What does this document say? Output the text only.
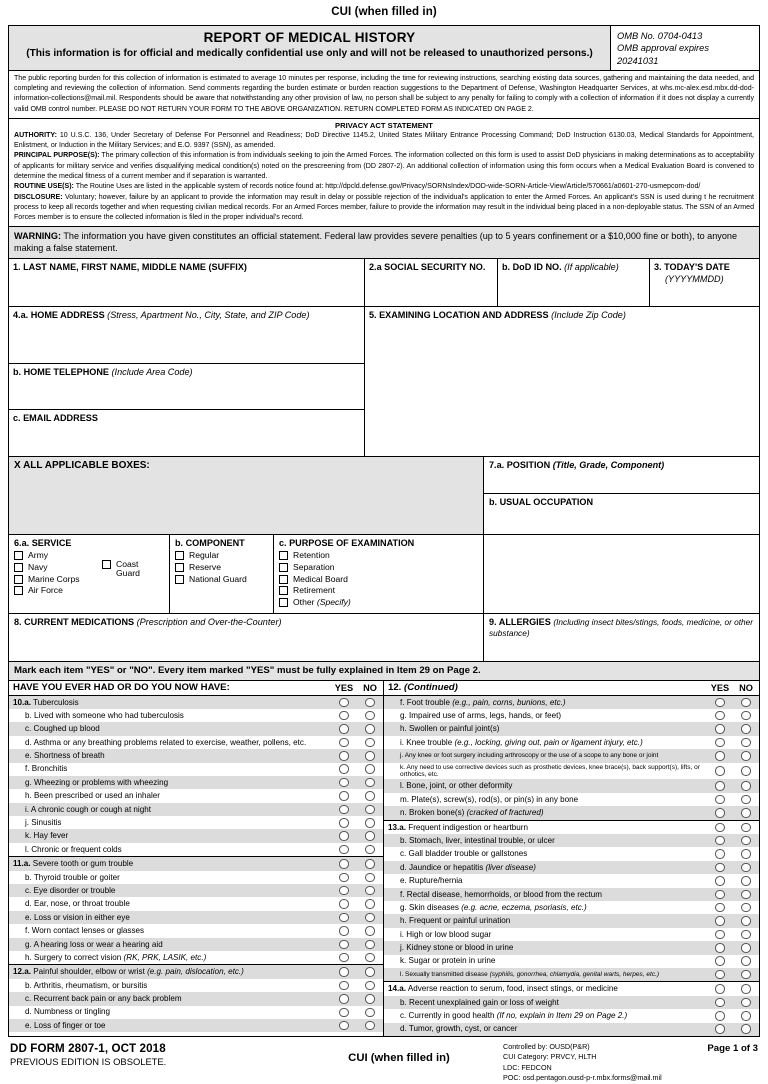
CUI (when filled in)
REPORT OF MEDICAL HISTORY
(This information is for official and medically confidential use only and will not be released to unauthorized persons.)
OMB No. 0704-0413
OMB approval expires
20241031
The public reporting burden for this collection of information is estimated to average 10 minutes per response, including the time for reviewing instructions, searching existing data sources, gathering and maintaining the data needed, and completing and reviewing the collection of information. Send comments regarding the burden estimate or burden reaction suggestions to the Department of Defense, Washington Headquarter Services, at whs.mc-alex.esd.mbx.dd-dod-information-collections@mail.mil. Respondents should be aware that notwithstanding any other provision of law, no person shall be subject to any penalty for failing to comply with a collection of information if it does not display a currently valid OMB control number. PLEASE DO NOT RETURN YOUR FORM TO THE ABOVE ORGANIZATION. RETURN COMPLETED FORM AS INDICATED ON PAGE 2.
PRIVACY ACT STATEMENT

AUTHORITY: 10 U.S.C. 136, Under Secretary of Defense For Personnel and Readiness; DoD Directive 1145.2, United States Military Entrance Processing Command; DoD Instruction 6130.03, Medical Standards for Appointment, Enlistment, or Induction in the Military Services; and E.O. 9397 (SSN), as amended.

PRINCIPAL PURPOSE(S): The primary collection of this information is from individuals seeking to join the Armed Forces. The information collected on this form is used to assist DoD physicians in making determinations as to acceptability of applicants for military service and verifies disqualifying medical condition(s) noted on the prescreening from (DD 2807-2). An additional collection of information using this form occurs when a Medical Evaluation Board is convened to determine the medical fitness of a current member and if separation is warranted.

ROUTINE USE(S): The Routine Uses are listed in the applicable system of records notice found at: http://dpcld.defense.gov/Privacy/SORNsIndex/DOD-wide-SORN-Article-View/Article/570661/a0601-270-usmepcom-dod/

DISCLOSURE: Voluntary; however, failure by an applicant to provide the information may result in delay or possible rejection of the individual's application to enter the Armed Forces. An applicant's SSN is used during t he recruitment process to keep all records together and when requesting civilian medical records. For an Armed Forces member, failure to provide the information may result in the individual being placed in a non-deployable status. The SSN of an Armed Forces member is to ensure the collected information is filed in the proper individual's record.

WARNING: The information you have given constitutes an official statement. Federal law provides severe penalties (up to 5 years confinement or a $10,000 fine or both), to anyone making a false statement.
1. LAST NAME, FIRST NAME, MIDDLE NAME (SUFFIX)	2.a SOCIAL SECURITY NO.	b. DoD ID NO. (If applicable)	3. TODAY'S DATE
(YYYYMMDD)
4.a. HOME ADDRESS (Stress, Apartment No., City, State, and ZIP Code)
b. HOME TELEPHONE (Include Area Code)
c. EMAIL ADDRESS
5. EXAMINING LOCATION AND ADDRESS (Include Zip Code)
X ALL APPLICABLE BOXES:	7.a. POSITION (Title, Grade, Component)
b. USUAL OCCUPATION
6.a. SERVICE
Army
Navy
Marine Corps
Air Force
Coast Guard
b. COMPONENT
Regular
Reserve
National Guard
c. PURPOSE OF EXAMINATION
Retention
Separation
Medical Board
Retirement
Other (Specify)
8. CURRENT MEDICATIONS (Prescription and Over-the-Counter)	9. ALLERGIES (Including insect bites/stings, foods, medicine, or other substance)
Mark each item "YES" or "NO". Every item marked "YES" must be fully explained in Item 29 on Page 2.
HAVE YOU EVER HAD OR DO YOU NOW HAVE:	YES	NO
10.a. Tuberculosis
b. Lived with someone who had tuberculosis
c. Coughed up blood
d. Asthma or any breathing problems related to exercise, weather, pollens, etc.
e. Shortness of breath
f. Bronchitis
g. Wheezing or problems with wheezing
h. Been prescribed or used an inhaler
i. A chronic cough or cough at night
j. Sinusitis
k. Hay fever
l. Chronic or frequent colds
11.a. Severe tooth or gum trouble
b. Thyroid trouble or goiter
c. Eye disorder or trouble
d. Ear, nose, or throat trouble
e. Loss or vision in either eye
f. Worn contact lenses or glasses
g. A hearing loss or wear a hearing aid
h. Surgery to correct vision (RK, PRK, LASIK, etc.)
12.a. Painful shoulder, elbow or wrist (e.g. pain, dislocation, etc.)
b. Arthritis, rheumatism, or bursitis
c. Recurrent back pain or any back problem
d. Numbness or tingling
e. Loss of finger or toe
12. (Continued)	YES	NO
f. Foot trouble (e.g., pain, corns, bunions, etc.)
g. Impaired use of arms, legs, hands, or feet)
h. Swollen or painful joint(s)
i. Knee trouble (e.g., locking, giving out, pain or ligament injury, etc.)
j. Any knee or foot surgery including arthroscopy or the use of a scope to any bone or joint
k. Any need to use corrective devices such as prosthetic devices, knee brace(s), back support(s), lifts, or orthotics, etc.
l. Bone, joint, or other deformity
m. Plate(s), screw(s), rod(s), or pin(s) in any bone
n. Broken bone(s) (cracked of fractured)
13.a. Frequent indigestion or heartburn
b. Stomach, liver, intestinal trouble, or ulcer
c. Gall bladder trouble or gallstones
d. Jaundice or hepatitis (liver disease)
e. Rupture/hernia
f. Rectal disease, hemorrhoids, or blood from the rectum
g. Skin diseases (e.g. acne, eczema, psoriasis, etc.)
h. Frequent or painful urination
i. High or low blood sugar
j. Kidney stone or blood in urine
k. Sugar or protein in urine
l. Sexually transmitted disease (syphilis, gonorrhea, chlamydia, genital warts, herpes, etc.)
14.a. Adverse reaction to serum, food, insect stings, or medicine
b. Recent unexplained gain or loss of weight
c. Currently in good health (If no, explain in Item 29 on Page 2.)
d. Tumor, growth, cyst, or cancer
DD FORM 2807-1, OCT 2018
PREVIOUS EDITION IS OBSOLETE.	CUI (when filled in)
Controlled by: OUSD(P&R)
CUI Category: PRVCY, HLTH
LDC: FEDCON
POC: osd.pentagon.ousd-p-r.mbx.forms@mail.mil
Page 1 of 3
